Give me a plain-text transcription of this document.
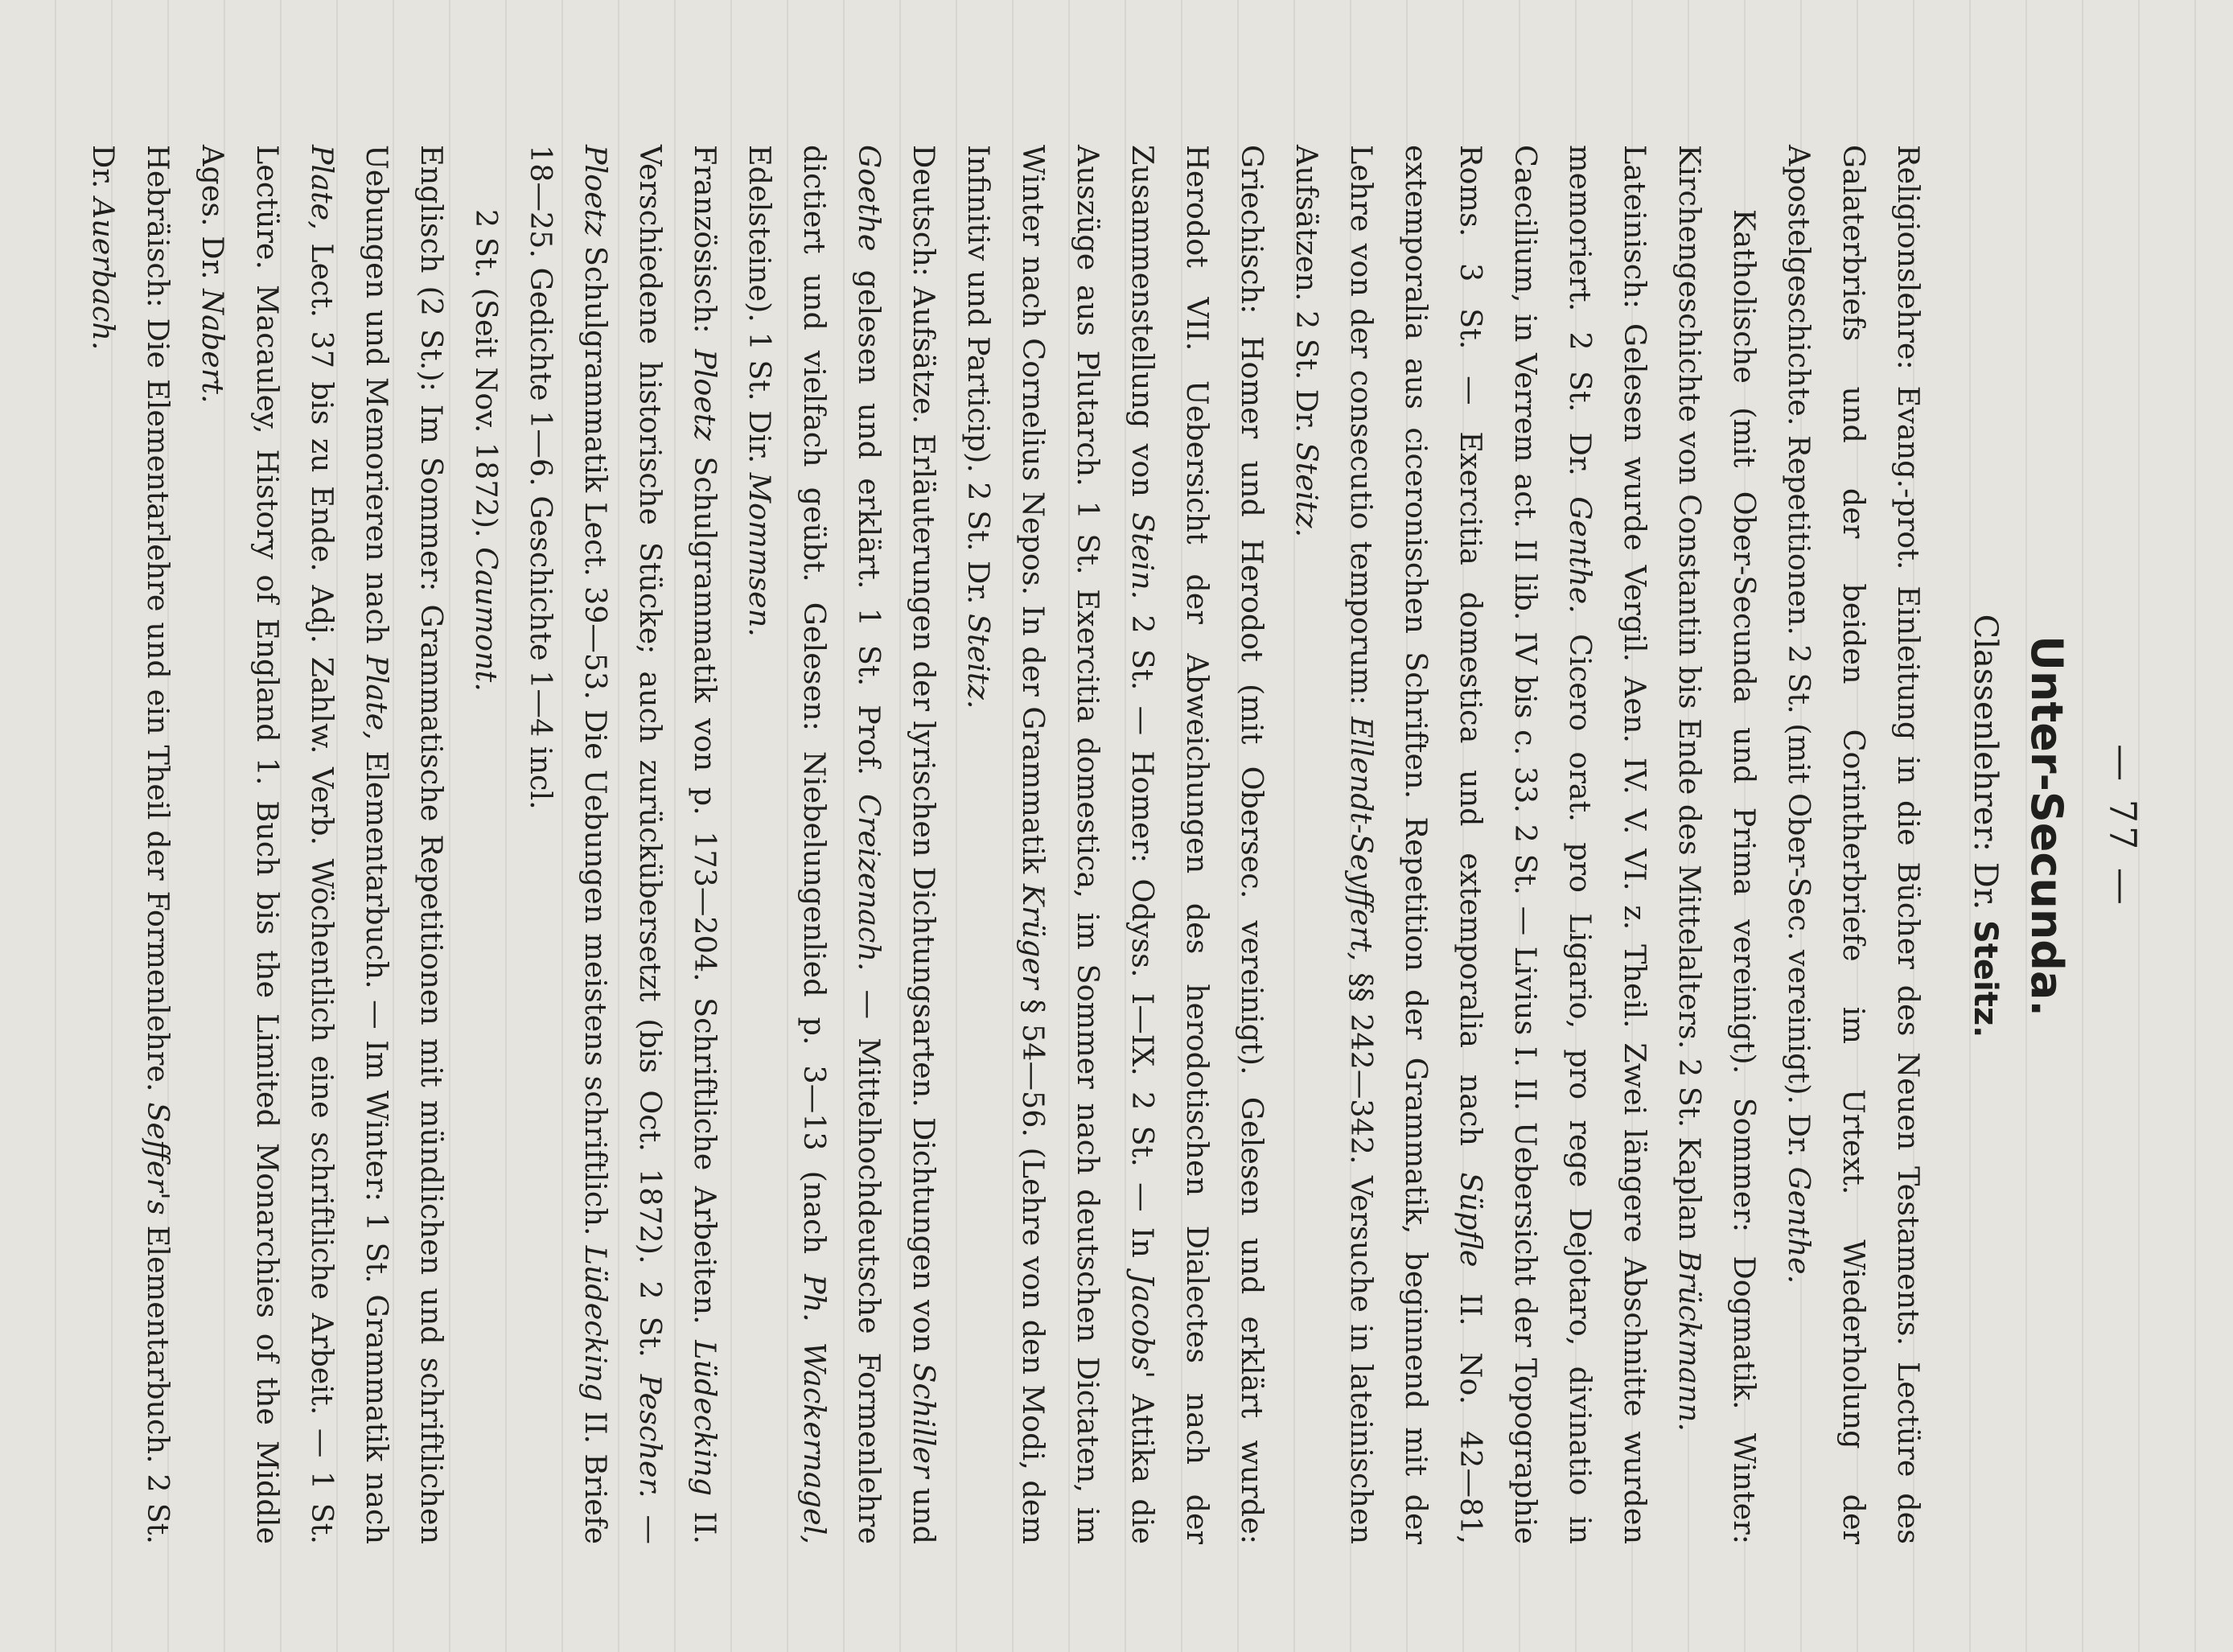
— 77 —
Unter-Secunda.
Classenlehrer: Dr. Steitz.

Religionslehre: Evang.-prot. Einleitung in die Bücher des Neuen Testaments. Lectüre des Galaterbriefs und der beiden Corintherbriefe im Urtext. Wiederholung der Apostelgeschichte. Repetitionen. 2 St. (mit Ober-Sec. vereinigt). Dr. Genthe.

Katholische (mit Ober-Secunda und Prima vereinigt). Sommer: Dogmatik. Winter: Kirchengeschichte von Constantin bis Ende des Mittelalters. 2 St. Kaplan Brückmann.

Lateinisch: Gelesen wurde Vergil. Aen. IV. V. VI. z. Theil. Zwei längere Abschnitte wurden memoriert. 2 St. Dr. Genthe. Cicero orat. pro Ligario, pro rege Dejotaro, divinatio in Caecilium, in Verrem act. II lib. IV bis c. 33. 2 St. — Livius I. II. Uebersicht der Topographie Roms. 3 St. — Exercitia domestica und extemporalia nach Süpfle II. No. 42—81, extemporalia aus ciceronischen Schriften. Repetition der Grammatik, beginnend mit der Lehre von der consecutio temporum: Ellendt-Seyffert, §§ 242—342. Versuche in lateinischen Aufsätzen. 2 St. Dr. Steitz.

Griechisch: Homer und Herodot (mit Obersec. vereinigt). Gelesen und erklärt wurde: Herodot VII. Uebersicht der Abweichungen des herodotischen Dialectes nach der Zusammenstellung von Stein. 2 St. — Homer: Odyss. I—IX. 2 St. — In Jacobs' Attika die Auszüge aus Plutarch. 1 St. Exercitia domestica, im Sommer nach deutschen Dictaten, im Winter nach Cornelius Nepos. In der Grammatik Krüger § 54—56. (Lehre von den Modi, dem Infinitiv und Particip). 2 St. Dr. Steitz.

Deutsch: Aufsätze. Erläuterungen der lyrischen Dichtungsarten. Dichtungen von Schiller und Goethe gelesen und erklärt. 1 St. Prof. Creizenach. — Mittelhochdeutsche Formenlehre dictiert und vielfach geübt. Gelesen: Niebelungenlied p. 3—13 (nach Ph. Wackernagel, Edelsteine). 1 St. Dir. Mommsen.

Französisch: Ploetz Schulgrammatik von p. 173—204. Schriftliche Arbeiten. Lüdecking II. Verschiedene historische Stücke; auch zurückübersetzt (bis Oct. 1872). 2 St. Pescher. — Ploetz Schulgrammatik Lect. 39—53. Die Uebungen meistens schriftlich. Lüdecking II. Briefe 18—25. Gedichte 1—6. Geschichte 1—4 incl.

2 St. (Seit Nov. 1872). Caumont.

Englisch (2 St.): Im Sommer: Grammatische Repetitionen mit mündlichen und schriftlichen Uebungen und Memorieren nach Plate, Elementarbuch. — Im Winter: 1 St. Grammatik nach Plate, Lect. 37 bis zu Ende. Adj. Zahlw. Verb. Wöchentlich eine schriftliche Arbeit. — 1 St. Lectüre. Macauley, History of England 1. Buch bis the Limited Monarchies of the Middle Ages. Dr. Nabert.

Hebräisch: Die Elementarlehre und ein Theil der Formenlehre. Seffer's Elementarbuch. 2 St. Dr. Auerbach.
